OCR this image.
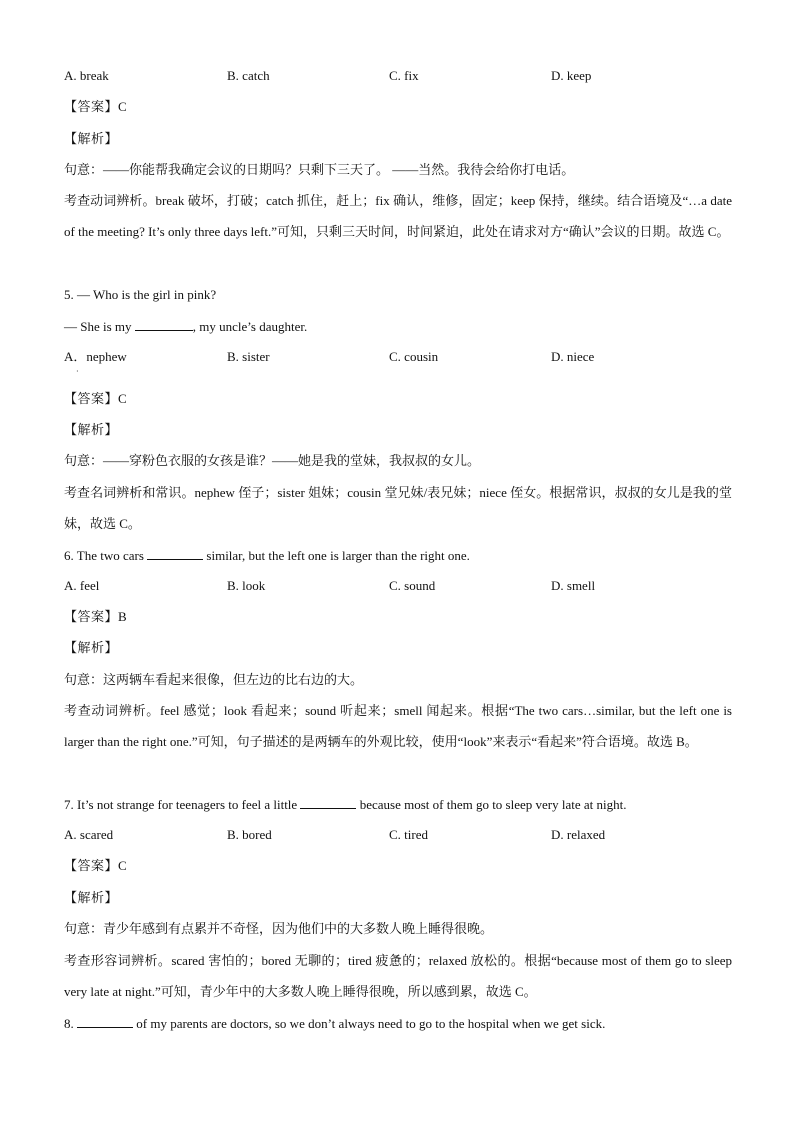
A. break	B. catch	C. fix	D. keep
【答案】C
【解析】
句意：——你能帮我确定会议的日期吗？只剩下三天了。 ——当然。我待会给你打电话。
考查动词辨析。break 破坏，打破；catch 抓住，赶上；fix 确认，维修，固定；keep 保持，继续。结合语境及“…a date of the meeting? It’s only three days left.”可知，只剩三天时间，时间紧迫，此处在请求对方“确认”会议的日期。故选 C。
5. — Who is the girl in pink?
— She is my	, my uncle’s daughter.
A．nephew
·
B. sister	C. cousin	D. niece
【答案】C
【解析】
句意：——穿粉色衣服的女孩是谁？——她是我的堂妹，我叔叔的女儿。
考查名词辨析和常识。nephew 侄子；sister 姐妹；cousin 堂兄妹/表兄妹；niece 侄女。根据常识，叔叔的女儿是我的堂妹，故选 C。
6. The two cars	similar, but the left one is larger than the right one.
A. feel	B. look	C. sound	D. smell
【答案】B
【解析】
句意：这两辆车看起来很像，但左边的比右边的大。
考查动词辨析。feel 感觉；look 看起来；sound 听起来；smell 闻起来。根据“The two cars…similar, but the left one is larger than the right one.”可知，句子描述的是两辆车的外观比较，使用“look”来表示“看起来”符合语境。故选 B。
7. It’s not strange for teenagers to feel a little	because most of them go to sleep very late at night.
A. scared	B. bored	C. tired	D. relaxed
【答案】C
【解析】
句意：青少年感到有点累并不奇怪，因为他们中的大多数人晚上睡得很晚。
考查形容词辨析。scared 害怕的；bored 无聊的；tired 疲惫的；relaxed 放松的。根据“because most of them go to sleep very late at night.”可知，青少年中的大多数人晚上睡得很晚，所以感到累，故选 C。
8.	of my parents are doctors, so we don’t always need to go to the hospital when we get sick.
